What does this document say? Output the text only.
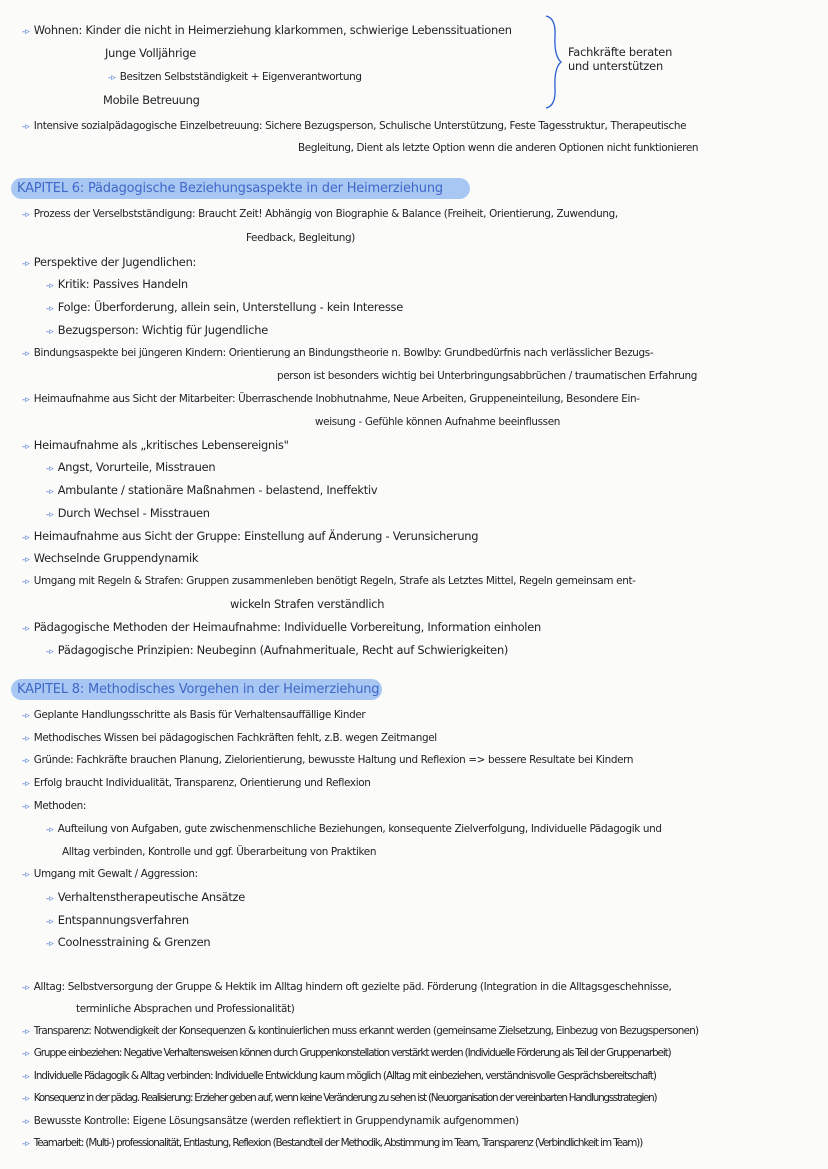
-▹ Wohnen: Kinder die nicht in Heimerziehung klarkommen, schwierige Lebenssituationen
Junge Volljährige
-▹ Besitzen Selbstständigkeit + Eigenverantwortung
Mobile Betreuung
Fachkräfte beraten
und unterstützen
-▹ Intensive sozialpädagogische Einzelbetreuung: Sichere Bezugsperson, Schulische Unterstützung, Feste Tagesstruktur, Therapeutische
Begleitung, Dient als letzte Option wenn die anderen Optionen nicht funktionieren
KAPITEL 6: Pädagogische Beziehungsaspekte in der Heimerziehung
-▹ Prozess der Verselbstständigung: Braucht Zeit! Abhängig von Biographie & Balance (Freiheit, Orientierung, Zuwendung,
Feedback, Begleitung)
-▹ Perspektive der Jugendlichen:
-▹ Kritik: Passives Handeln
-▹ Folge: Überforderung, allein sein, Unterstellung - kein Interesse
-▹ Bezugsperson: Wichtig für Jugendliche
-▹ Bindungsaspekte bei jüngeren Kindern: Orientierung an Bindungstheorie n. Bowlby: Grundbedürfnis nach verlässlicher Bezugs-
person ist besonders wichtig bei Unterbringungsabbrüchen / traumatischen Erfahrung
-▹ Heimaufnahme aus Sicht der Mitarbeiter: Überraschende Inobhutnahme, Neue Arbeiten, Gruppeneinteilung, Besondere Ein-
weisung - Gefühle können Aufnahme beeinflussen
-▹ Heimaufnahme als „kritisches Lebensereignis"
-▹ Angst, Vorurteile, Misstrauen
-▹ Ambulante / stationäre Maßnahmen - belastend, Ineffektiv
-▹ Durch Wechsel - Misstrauen
-▹ Heimaufnahme aus Sicht der Gruppe: Einstellung auf Änderung - Verunsicherung
-▹ Wechselnde Gruppendynamik
-▹ Umgang mit Regeln & Strafen: Gruppen zusammenleben benötigt Regeln, Strafe als Letztes Mittel, Regeln gemeinsam ent-
wickeln Strafen verständlich
-▹ Pädagogische Methoden der Heimaufnahme: Individuelle Vorbereitung, Information einholen
-▹ Pädagogische Prinzipien: Neubeginn (Aufnahmerituale, Recht auf Schwierigkeiten)
KAPITEL 8: Methodisches Vorgehen in der Heimerziehung
-▹ Geplante Handlungsschritte als Basis für Verhaltensauffällige Kinder
-▹ Methodisches Wissen bei pädagogischen Fachkräften fehlt, z.B. wegen Zeitmangel
-▹ Gründe: Fachkräfte brauchen Planung, Zielorientierung, bewusste Haltung und Reflexion => bessere Resultate bei Kindern
-▹ Erfolg braucht Individualität, Transparenz, Orientierung und Reflexion
-▹ Methoden:
-▹ Aufteilung von Aufgaben, gute zwischenmenschliche Beziehungen, konsequente Zielverfolgung, Individuelle Pädagogik und
Alltag verbinden, Kontrolle und ggf. Überarbeitung von Praktiken
-▹ Umgang mit Gewalt / Aggression:
-▹ Verhaltenstherapeutische Ansätze
-▹ Entspannungsverfahren
-▹ Coolnesstraining & Grenzen
-▹ Alltag: Selbstversorgung der Gruppe & Hektik im Alltag hindern oft gezielte päd. Förderung (Integration in die Alltagsgeschehnisse,
terminliche Absprachen und Professionalität)
-▹ Transparenz: Notwendigkeit der Konsequenzen & kontinuierlichen muss erkannt werden (gemeinsame Zielsetzung, Einbezug von Bezugspersonen)
-▹ Gruppe einbeziehen: Negative Verhaltensweisen können durch Gruppenkonstellation verstärkt werden (Individuelle Förderung als Teil der Gruppenarbeit)
-▹ Individuelle Pädagogik & Alltag verbinden: Individuelle Entwicklung kaum möglich (Alltag mit einbeziehen, verständnisvolle Gesprächsbereitschaft)
-▹ Konsequenz in der pädag. Realisierung: Erzieher geben auf, wenn keine Veränderung zu sehen ist (Neuorganisation der vereinbarten Handlungsstrategien)
-▹ Bewusste Kontrolle: Eigene Lösungsansätze (werden reflektiert in Gruppendynamik aufgenommen)
-▹ Teamarbeit: (Multi-) professionalität, Entlastung, Reflexion (Bestandteil der Methodik, Abstimmung im Team, Transparenz (Verbindlichkeit im Team))
